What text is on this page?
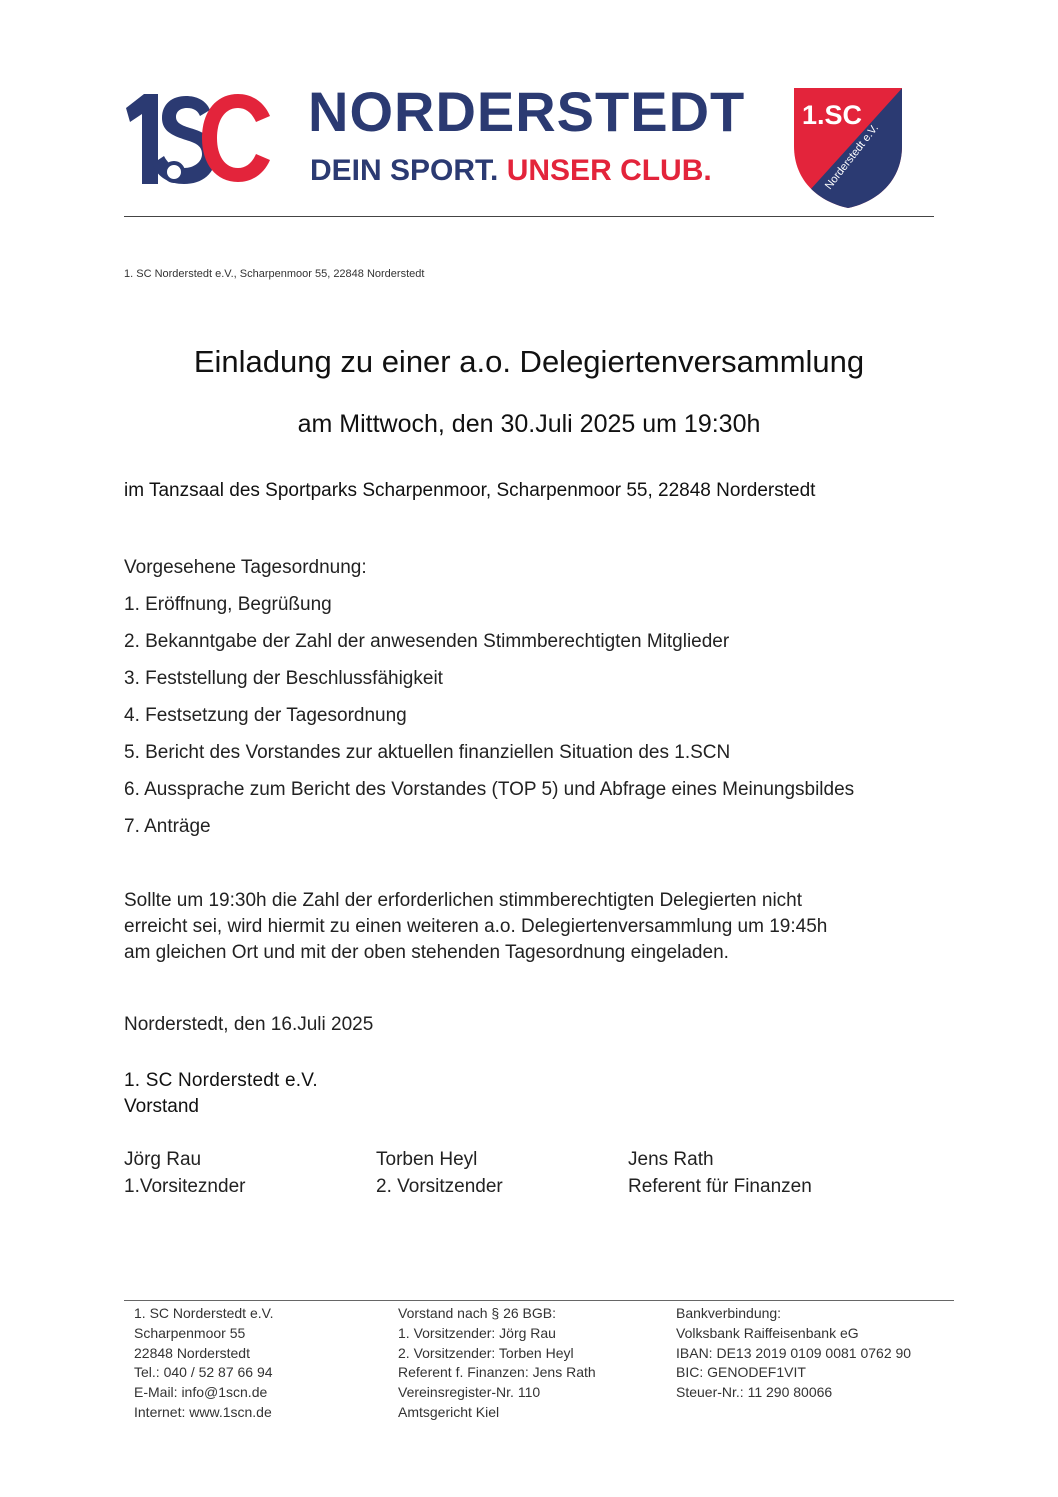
NORDERSTEDT
DEIN SPORT. UNSER CLUB.
1.SC
Norderstedt e.V.
1. SC Norderstedt e.V., Scharpenmoor 55, 22848 Norderstedt
Einladung zu einer a.o. Delegiertenversammlung
am Mittwoch, den 30.Juli 2025 um 19:30h
im Tanzsaal des Sportparks Scharpenmoor, Scharpenmoor 55, 22848 Norderstedt
Vorgesehene Tagesordnung:
1. Eröffnung, Begrüßung
2. Bekanntgabe der Zahl der anwesenden Stimmberechtigten Mitglieder
3. Feststellung der Beschlussfähigkeit
4. Festsetzung der Tagesordnung
5. Bericht des Vorstandes zur aktuellen finanziellen Situation des 1.SCN
6. Aussprache zum Bericht des Vorstandes (TOP 5) und Abfrage eines Meinungsbildes
7. Anträge
Sollte um 19:30h die Zahl der erforderlichen stimmberechtigten Delegierten nicht
erreicht sei, wird hiermit zu einen weiteren a.o. Delegiertenversammlung um 19:45h
am gleichen Ort und mit der oben stehenden Tagesordnung eingeladen.
Norderstedt, den 16.Juli 2025
1. SC Norderstedt e.V.
Vorstand
Jörg Rau
1.Vorsiteznder
Torben Heyl
2. Vorsitzender
Jens Rath
Referent für Finanzen
1. SC Norderstedt e.V.
Scharpenmoor 55
22848 Norderstedt
Tel.: 040 / 52 87 66 94
E-Mail: info@1scn.de
Internet: www.1scn.de
Vorstand nach § 26 BGB:
1. Vorsitzender: Jörg Rau
2. Vorsitzender: Torben Heyl
Referent f. Finanzen: Jens Rath
Vereinsregister-Nr. 110
Amtsgericht Kiel
Bankverbindung:
Volksbank Raiffeisenbank eG
IBAN: DE13 2019 0109 0081 0762 90
BIC: GENODEF1VIT
Steuer-Nr.: 11 290 80066
